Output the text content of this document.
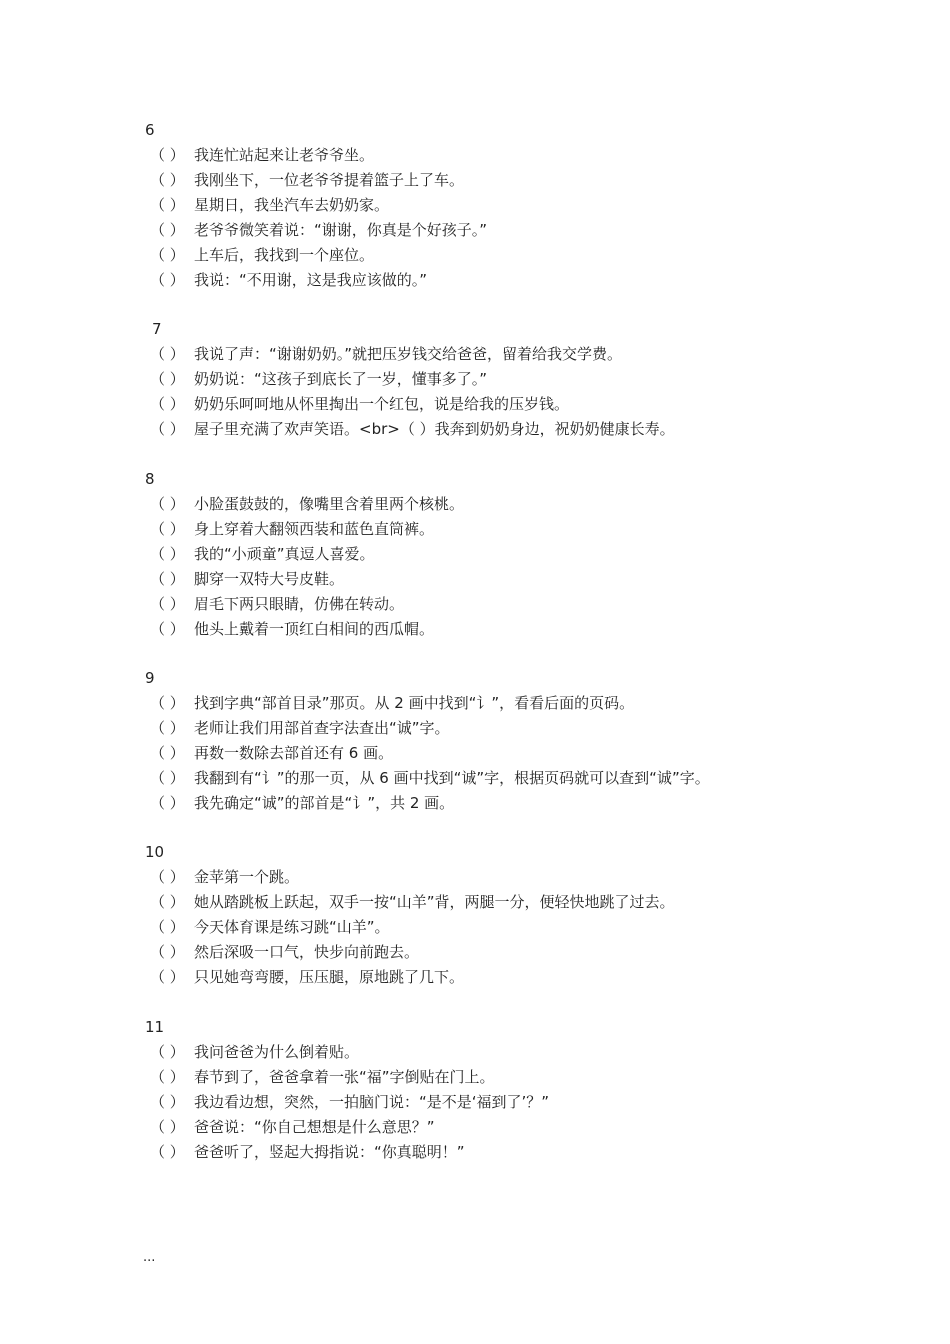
6
（ ） 我连忙站起来让老爷爷坐。
（ ） 我刚坐下，一位老爷爷提着篮子上了车。
（ ） 星期日，我坐汽车去奶奶家。
（ ） 老爷爷微笑着说：“谢谢，你真是个好孩子。”
（ ） 上车后，我找到一个座位。
（ ） 我说：“不用谢，这是我应该做的。”
7
（ ） 我说了声：“谢谢奶奶。”就把压岁钱交给爸爸，留着给我交学费。
（ ） 奶奶说：“这孩子到底长了一岁，懂事多了。”
（ ） 奶奶乐呵呵地从怀里掏出一个红包，说是给我的压岁钱。
（ ） 屋子里充满了欢声笑语。<br>（ ）我奔到奶奶身边，祝奶奶健康长寿。
8
（ ） 小脸蛋鼓鼓的，像嘴里含着里两个核桃。
（ ） 身上穿着大翻领西装和蓝色直筒裤。
（ ） 我的“小顽童”真逗人喜爱。
（ ） 脚穿一双特大号皮鞋。
（ ） 眉毛下两只眼睛，仿佛在转动。
（ ） 他头上戴着一顶红白相间的西瓜帽。
9
（ ） 找到字典“部首目录”那页。从 2 画中找到“讠”，看看后面的页码。
（ ） 老师让我们用部首查字法查出“诚”字。
（ ） 再数一数除去部首还有 6 画。
（ ） 我翻到有“讠”的那一页，从 6 画中找到“诚”字，根据页码就可以查到“诚”字。
（ ） 我先确定“诚”的部首是“讠”，共 2 画。
10
（ ） 金苹第一个跳。
（ ） 她从踏跳板上跃起，双手一按“山羊”背，两腿一分，便轻快地跳了过去。
（ ） 今天体育课是练习跳“山羊”。
（ ） 然后深吸一口气，快步向前跑去。
（ ） 只见她弯弯腰，压压腿，原地跳了几下。
11
（ ） 我问爸爸为什么倒着贴。
（ ） 春节到了，爸爸拿着一张“福”字倒贴在门上。
（ ） 我边看边想，突然，一拍脑门说：“是不是‘福到了’？”
（ ） 爸爸说：“你自己想想是什么意思？”
（ ） 爸爸听了，竖起大拇指说：“你真聪明！”
...
